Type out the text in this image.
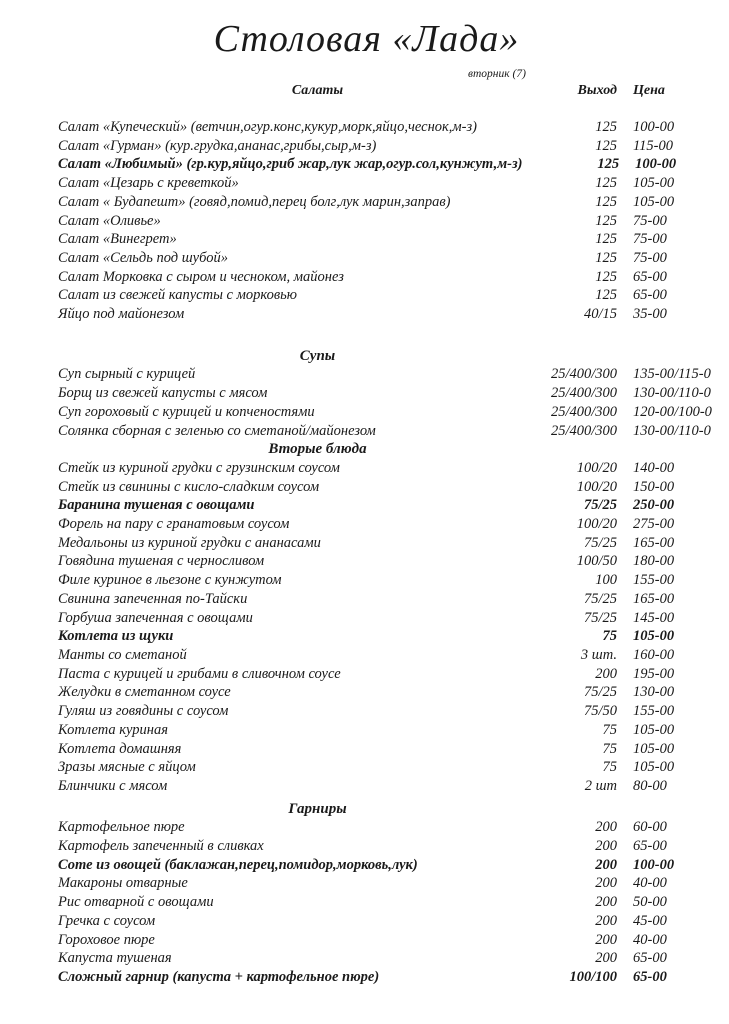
Столовая «Лада»
вторник (7)
Салаты	Выход	Цена
Салат «Купеческий» (ветчин,огур.конс,кукур,морк,яйцо,чеснок,м-з)	125	100-00
Салат «Гурман» (кур.грудка,ананас,грибы,сыр,м-з)	125	115-00
Салат «Любимый» (гр.кур,яйцо,гриб жар,лук жар,огур.сол,кунжут,м-з)	125	100-00
Салат «Цезарь с креветкой»	125	105-00
Салат « Будапешт» (говяд,помид,перец болг,лук марин,заправ)	125	105-00
Салат «Оливье»	125	75-00
Салат «Винегрет»	125	75-00
Салат «Сельдь под шубой»	125	75-00
Салат Морковка с сыром и чесноком, майонез	125	65-00
Салат из свежей капусты с морковью	125	65-00
Яйцо под майонезом	40/15	35-00
Супы
Суп сырный с курицей	25/400/300	135-00/115-0
Борщ из свежей капусты с мясом	25/400/300	130-00/110-0
Суп гороховый с курицей и копченостями	25/400/300	120-00/100-0
Солянка сборная с зеленью со сметаной/майонезом	25/400/300	130-00/110-0
Вторые блюда
Стейк из куриной грудки с грузинским соусом	100/20	140-00
Стейк из свинины с кисло-сладким соусом	100/20	150-00
Баранина тушеная с овощами	75/25	250-00
Форель на пару с гранатовым соусом	100/20	275-00
Медальоны из куриной грудки с ананасами	75/25	165-00
Говядина тушеная с черносливом	100/50	180-00
Филе куриное в льезоне с кунжутом	100	155-00
Свинина запеченная по-Тайски	75/25	165-00
Горбуша запеченная с овощами	75/25	145-00
Котлета из щуки	75	105-00
Манты со сметаной	3 шт.	160-00
Паста с курицей и грибами в сливочном соусе	200	195-00
Желудки в сметанном соусе	75/25	130-00
Гуляш из говядины с соусом	75/50	155-00
Котлета куриная	75	105-00
Котлета домашняя	75	105-00
Зразы мясные с яйцом	75	105-00
Блинчики с мясом	2 шт	80-00
Гарниры
Картофельное пюре	200	60-00
Картофель запеченный в сливках	200	65-00
Соте из овощей (баклажан,перец,помидор,морковь,лук)	200	100-00
Макароны отварные	200	40-00
Рис отварной с овощами	200	50-00
Гречка с соусом	200	45-00
Гороховое пюре	200	40-00
Капуста тушеная	200	65-00
Сложный гарнир (капуста + картофельное пюре)	100/100	65-00
